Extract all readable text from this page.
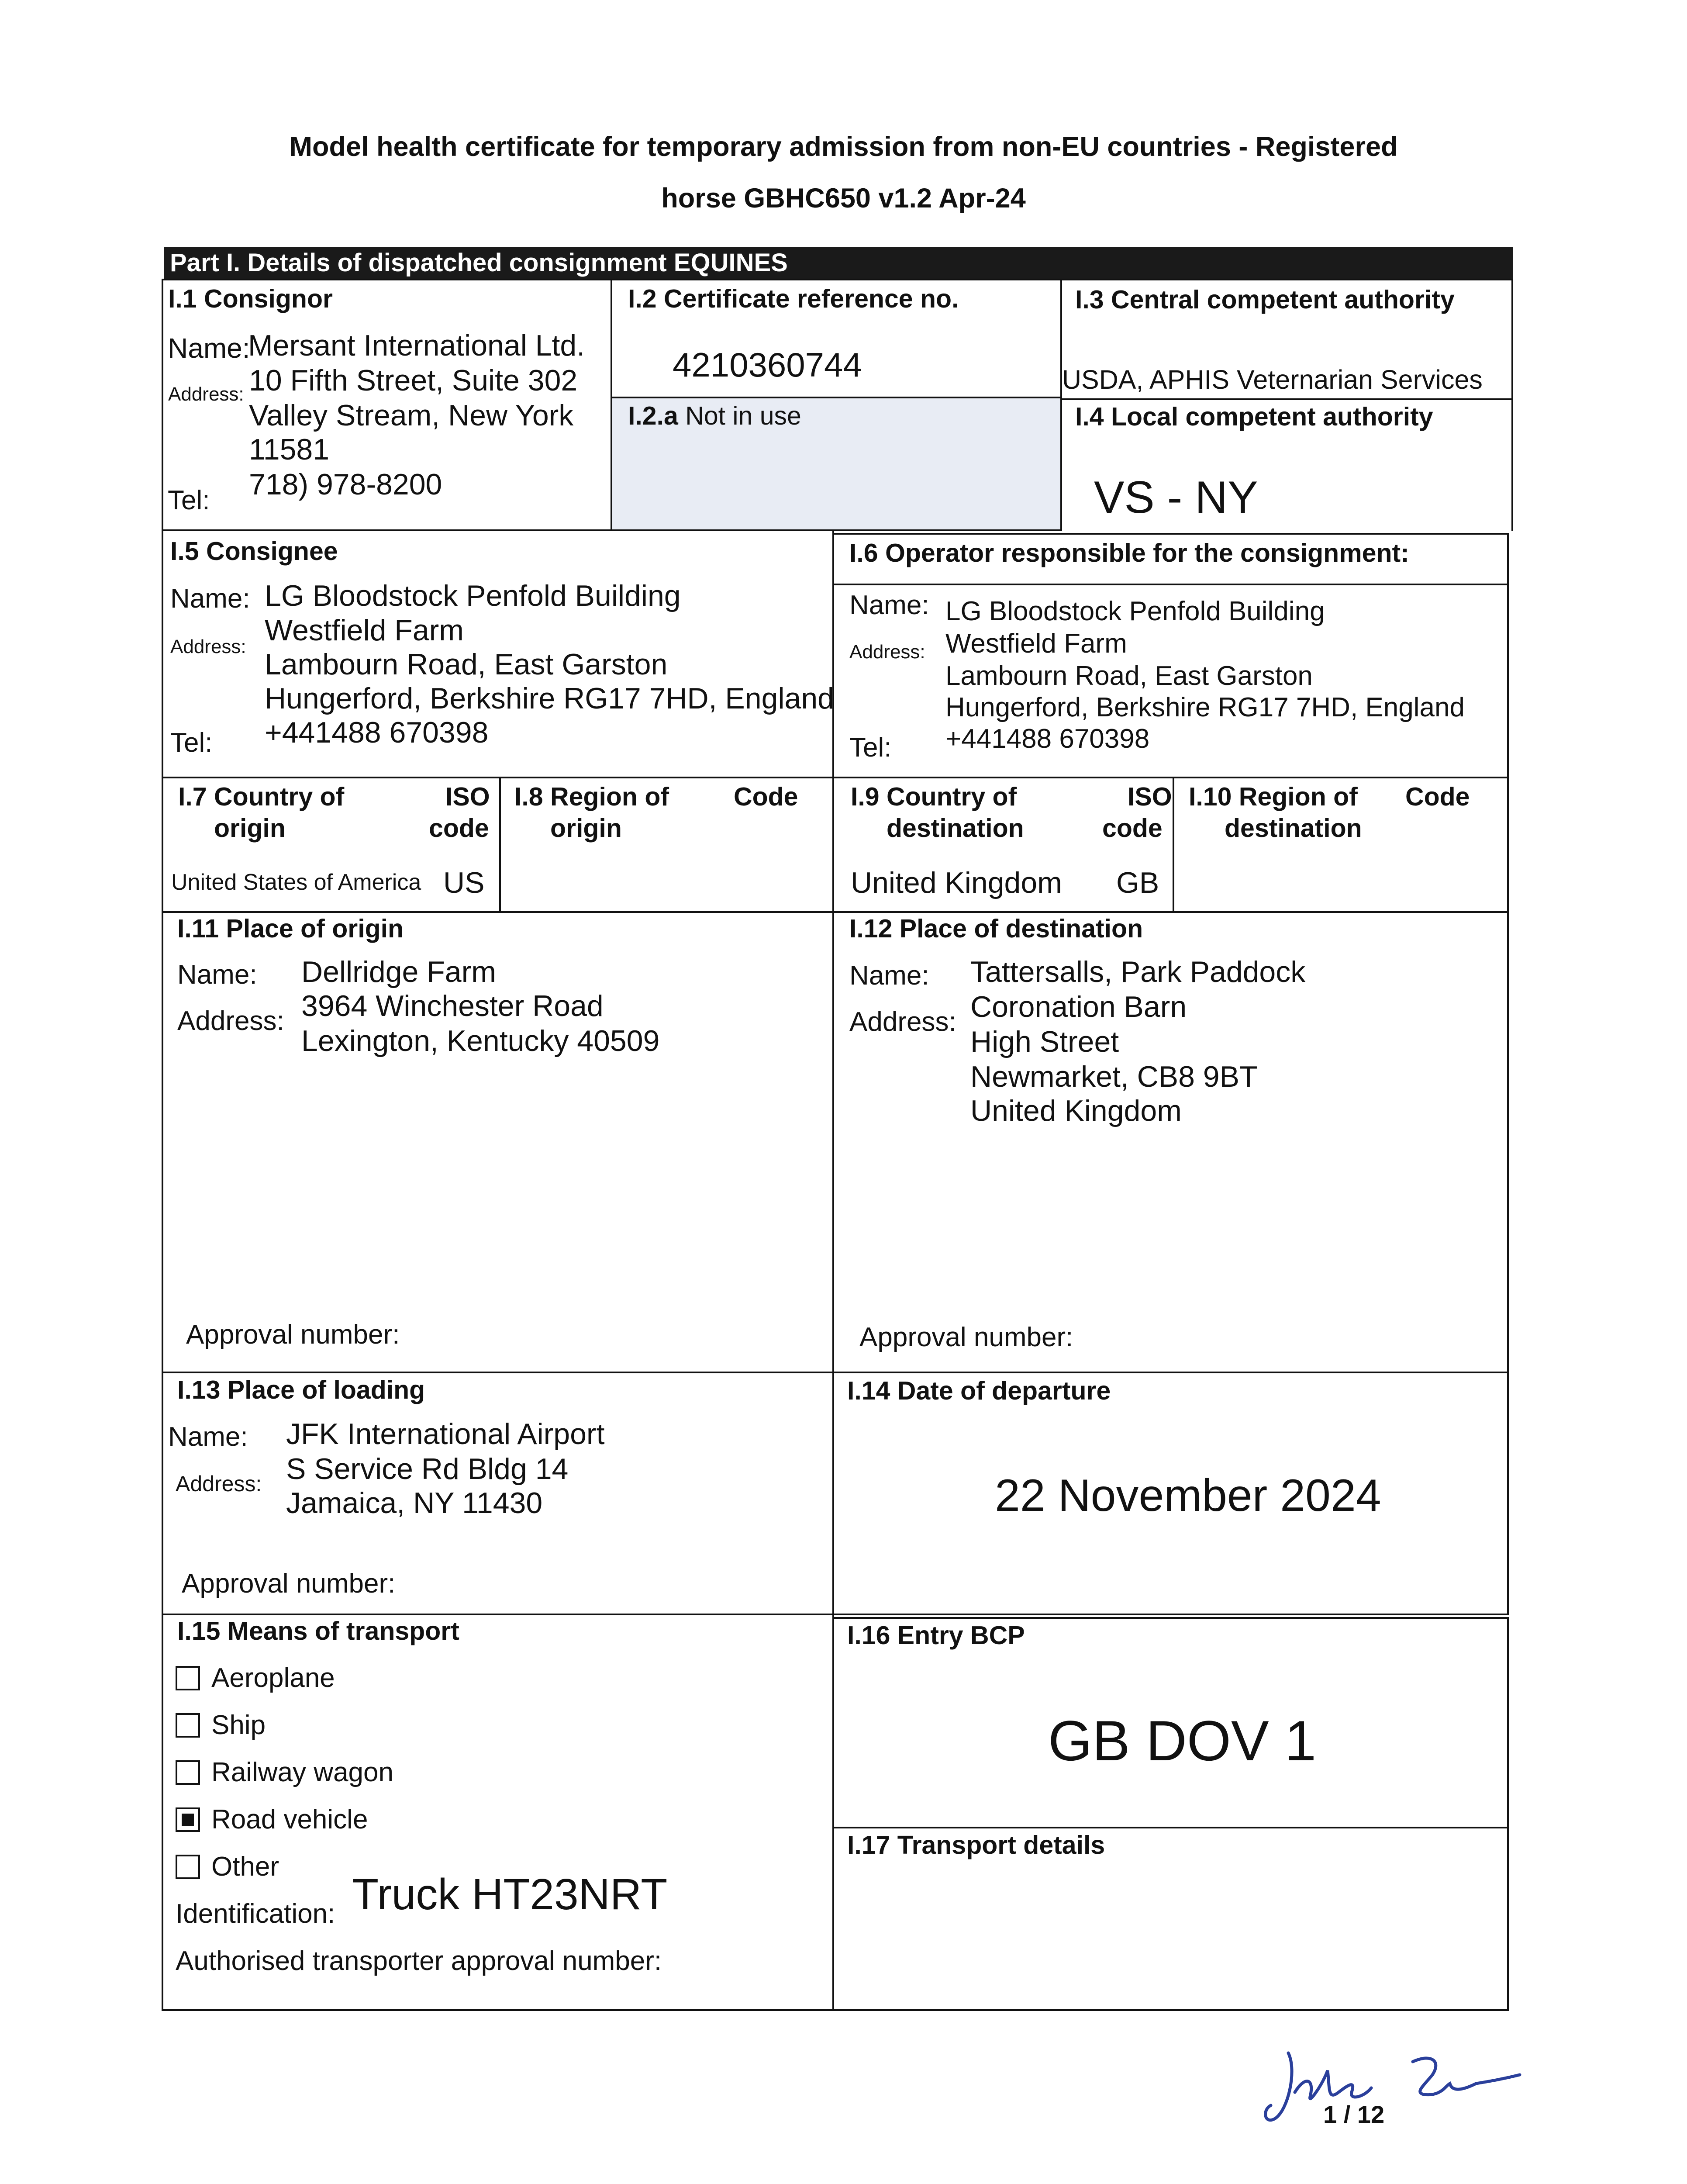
Model health certificate for temporary admission from non-EU countries - Registered
horse GBHC650 v1.2 Apr-24
Part I. Details of dispatched consignment EQUINES
I.1 Consignor
Name:
Mersant International Ltd.
Address: 10 Fifth Street, Suite 302
Valley Stream, New York
11581
Tel: 718) 978-8200
I.2 Certificate reference no.
4210360744
I.2.a Not in use
I.3 Central competent authority
USDA, APHIS Veternarian Services
I.4 Local competent authority
VS - NY
I.5 Consignee
Name:
Address:
Tel:
LG Bloodstock Penfold Building
Westfield Farm
Lambourn Road, East Garston
Hungerford, Berkshire RG17 7HD, England
+441488 670398
I.6 Operator responsible for the consignment:
Name:
Address:
Tel:
LG Bloodstock Penfold Building
Westfield Farm
Lambourn Road, East Garston
Hungerford, Berkshire RG17 7HD, England
+441488 670398
I.7 Country of
origin
ISO
code
United States of America US
I.8 Region of
origin
Code I.9 Country of
destination
ISO
code
United Kingdom GB
I.10 Region of
destination
Code
I.11 Place of origin
Name: Dellridge Farm
Address: 3964 Winchester Road
Lexington, Kentucky 40509
Approval number:
I.12 Place of destination
Name: Tattersalls, Park Paddock
Address: Coronation Barn
High Street
Newmarket, CB8 9BT
United Kingdom
Approval number:
I.13 Place of loading
Name: JFK International Airport
Address: S Service Rd Bldg 14
Jamaica, NY 11430
Approval number:
I.14 Date of departure
22 November 2024
I.15 Means of transport
Aeroplane
Ship
Railway wagon
Road vehicle
Other
Identification: Truck HT23NRT
Authorised transporter approval number:
I.16 Entry BCP
GB DOV 1
I.17 Transport details
1 / 12
